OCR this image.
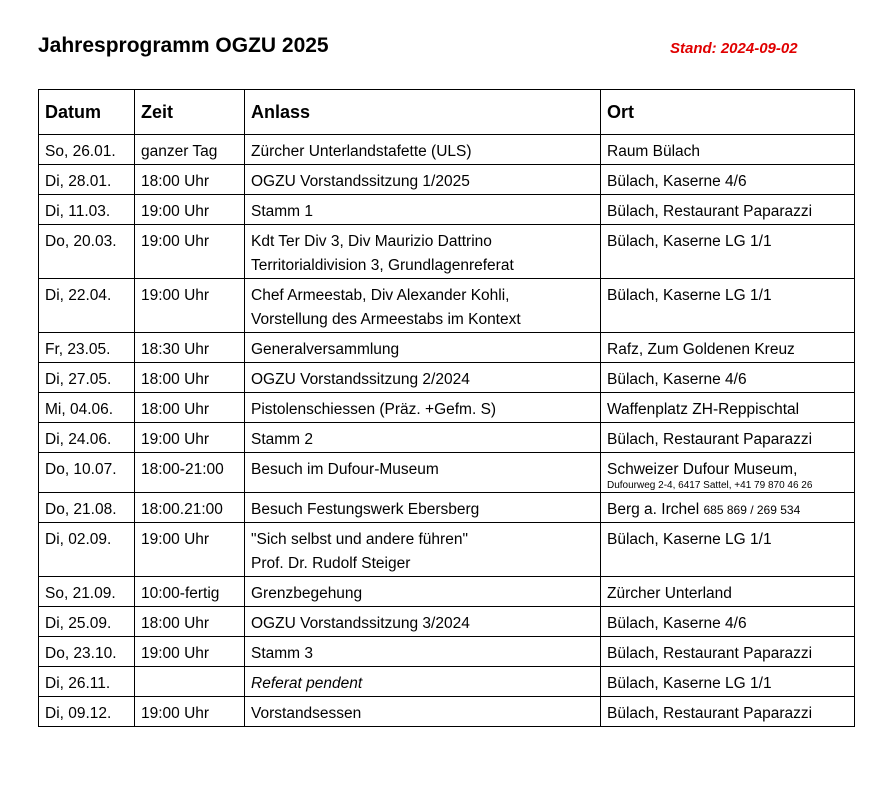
Jahresprogramm OGZU 2025	Stand: 2024-09-02
Datum	Zeit	Anlass	Ort
So, 26.01.	ganzer Tag	Zürcher Unterlandstafette (ULS)	Raum Bülach
Di, 28.01.	18:00 Uhr	OGZU Vorstandssitzung 1/2025	Bülach, Kaserne 4/6
Di, 11.03.	19:00 Uhr	Stamm 1	Bülach, Restaurant Paparazzi
Do, 20.03.	19:00 Uhr	Kdt Ter Div 3, Div Maurizio Dattrino
Territorialdivision 3, Grundlagenreferat	Bülach, Kaserne LG 1/1
Di, 22.04.	19:00 Uhr	Chef Armeestab, Div Alexander Kohli,
Vorstellung des Armeestabs im Kontext	Bülach, Kaserne LG 1/1
Fr, 23.05.	18:30 Uhr	Generalversammlung	Rafz, Zum Goldenen Kreuz
Di, 27.05.	18:00 Uhr	OGZU Vorstandssitzung 2/2024	Bülach, Kaserne 4/6
Mi, 04.06.	18:00 Uhr	Pistolenschiessen (Präz. +Gefm. S)	Waffenplatz ZH-Reppischtal
Di, 24.06.	19:00 Uhr	Stamm 2	Bülach, Restaurant Paparazzi
Do, 10.07.	18:00-21:00	Besuch im Dufour-Museum	Schweizer Dufour Museum,
Dufourweg 2-4, 6417 Sattel, +41 79 870 46 26

Do, 21.08.	18:00.21:00	Besuch Festungswerk Ebersberg	Berg a. Irchel 685 869 / 269 534
Di, 02.09.	19:00 Uhr	"Sich selbst und andere führen"
Prof. Dr. Rudolf Steiger	Bülach, Kaserne LG 1/1
So, 21.09.	10:00-fertig	Grenzbegehung	Zürcher Unterland
Di, 25.09.	18:00 Uhr	OGZU Vorstandssitzung 3/2024	Bülach, Kaserne 4/6
Do, 23.10.	19:00 Uhr	Stamm 3	Bülach, Restaurant Paparazzi
Di, 26.11.		Referat pendent	Bülach, Kaserne LG 1/1
Di, 09.12.	19:00 Uhr	Vorstandsessen	Bülach, Restaurant Paparazzi
